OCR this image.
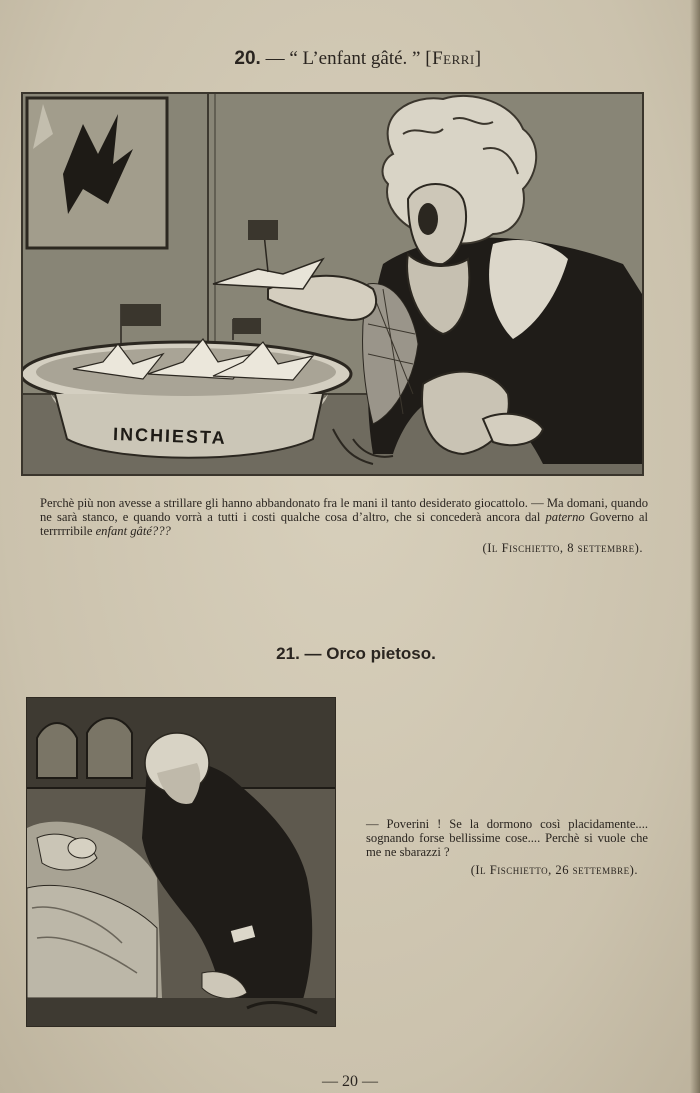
20. — “ L’enfant gâté. ” [Ferri]
INCHIESTA
Perchè più non avesse a strillare gli hanno abbandonato fra le mani il tanto desiderato giocattolo. — Ma domani, quando ne sarà stanco, e quando vorrà a tutti i costi qualche cosa d’altro, che si concederà ancora dal paterno Governo al terrrrribile enfant gâté???
(Il Fischietto, 8 settembre).
21. — Orco pietoso.
— Poverini ! Se la dormono così placidamente.... sognando forse bellissime cose.... Perchè si vuole che me ne sbarazzi ?
(Il Fischietto, 26 settembre).
— 20 —
